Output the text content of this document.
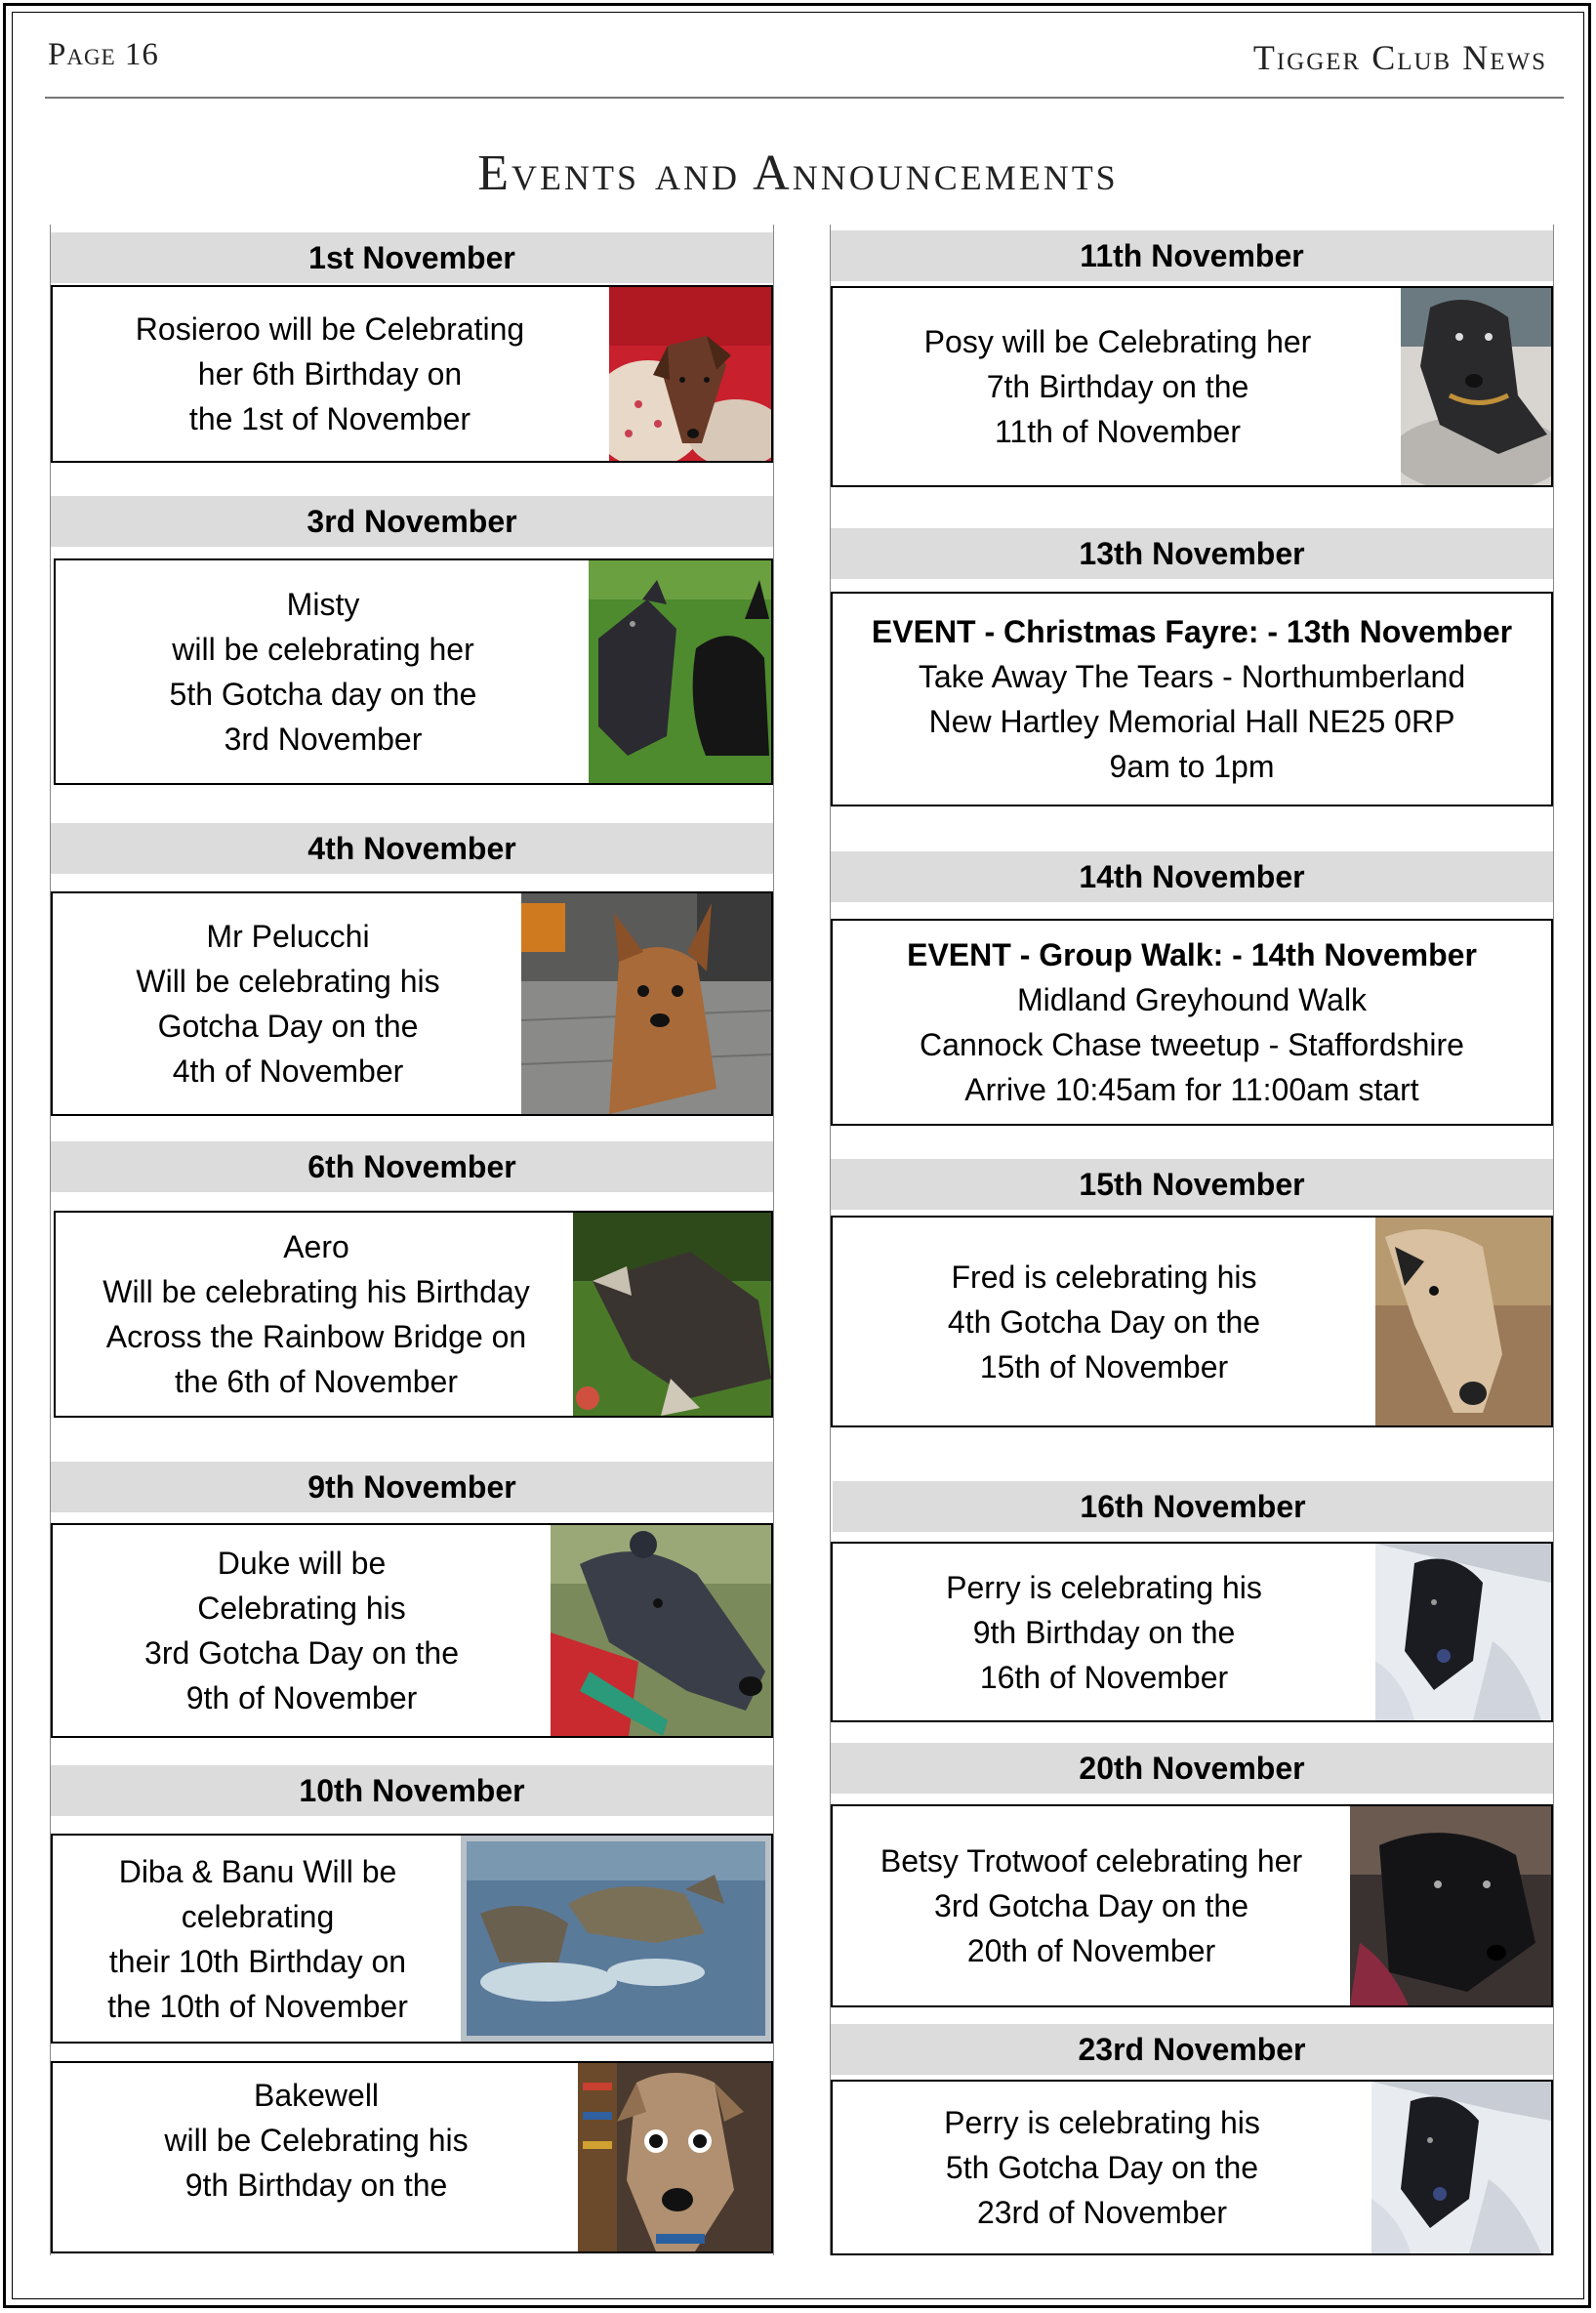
Page 16	Tigger Club News
Events and Announcements
1st November
Rosieroo will be Celebrating
her 6th Birthday on
the 1st of November
3rd November
Misty
will be celebrating her
5th Gotcha day on the
3rd November
4th November
Mr Pelucchi
Will be celebrating his
Gotcha Day on the
4th of November
6th November
Aero
Will be celebrating his Birthday
Across the Rainbow Bridge on
the 6th of November
9th November
Duke will be
Celebrating his
3rd Gotcha Day on the
9th of November
10th November
Diba & Banu Will be
celebrating
their 10th Birthday on
the 10th of November
Bakewell
will be Celebrating his
9th Birthday on the
11th November
Posy will be Celebrating her
7th Birthday on the
11th of November
13th November
EVENT - Christmas Fayre: - 13th November
Take Away The Tears - Northumberland
New Hartley Memorial Hall NE25 0RP
9am to 1pm
14th November
EVENT - Group Walk: - 14th November
Midland Greyhound Walk
Cannock Chase tweetup - Staffordshire
Arrive 10:45am for 11:00am start
15th November
Fred is celebrating his
4th Gotcha Day on the
15th of November
16th November
Perry is celebrating his
9th Birthday on the
16th of November
20th November
Betsy Trotwoof celebrating her
3rd Gotcha Day on the
20th of November
23rd November
Perry is celebrating his
5th Gotcha Day on the
23rd of November
